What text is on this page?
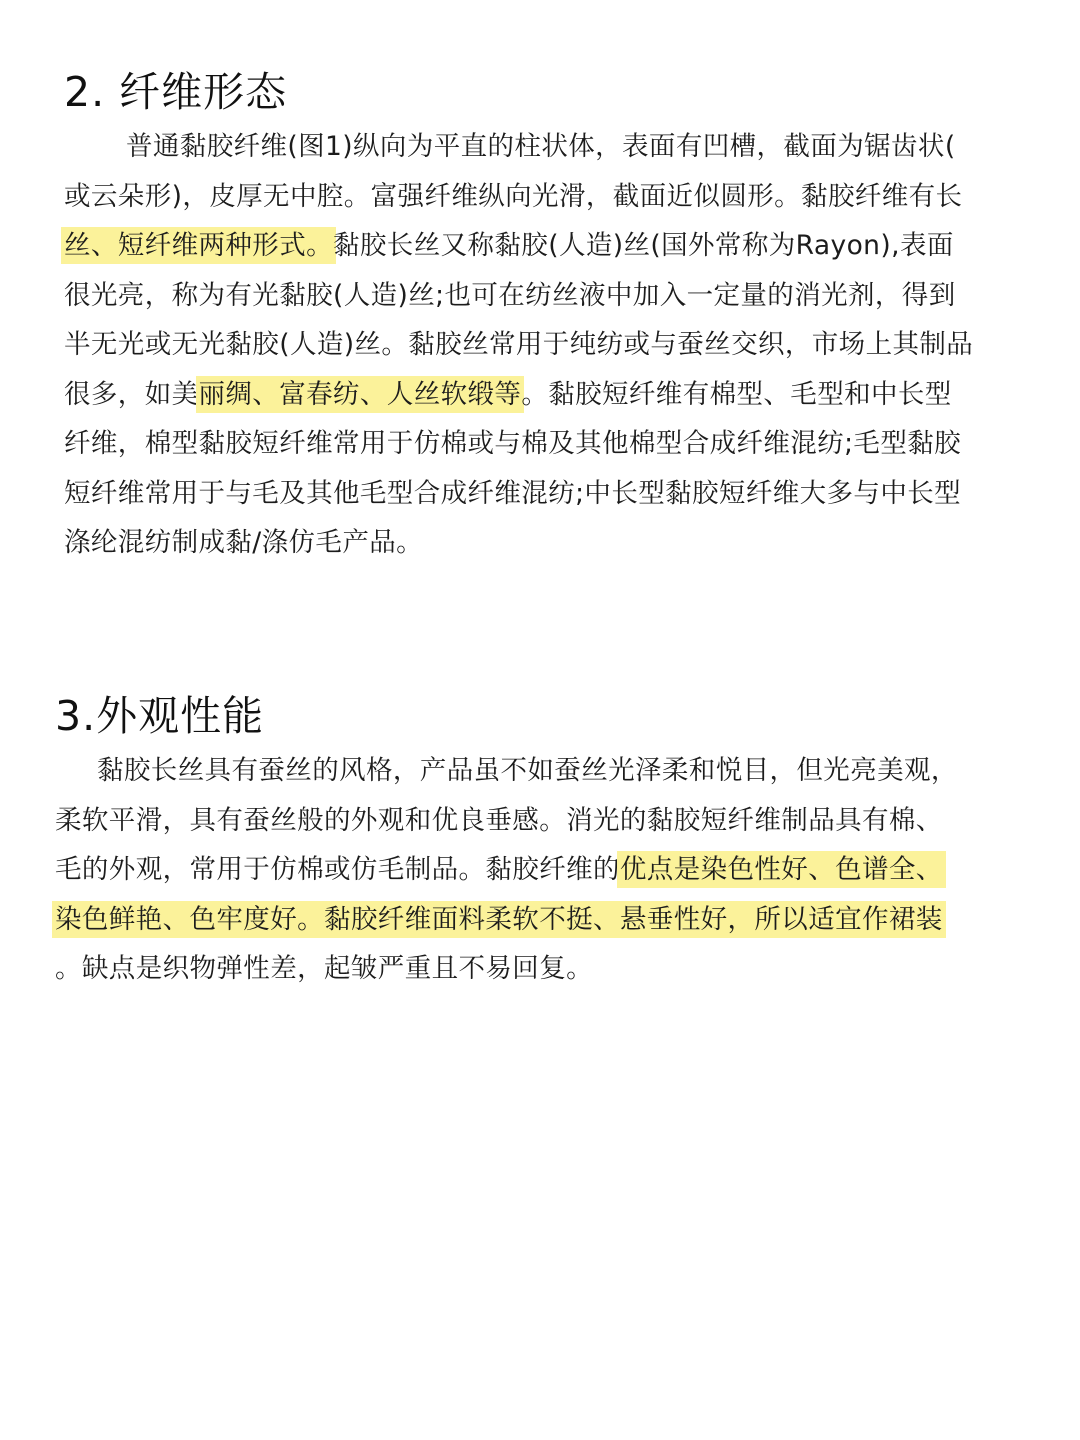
2. 纤维形态
普通黏胶纤维(图1)纵向为平直的柱状体，表面有凹槽，截面为锯齿状(
或云朵形)，皮厚无中腔。富强纤维纵向光滑，截面近似圆形。黏胶纤维有长
丝、短纤维两种形式。黏胶长丝又称黏胶(人造)丝(国外常称为Rayon),表面
很光亮，称为有光黏胶(人造)丝;也可在纺丝液中加入一定量的消光剂，得到
半无光或无光黏胶(人造)丝。黏胶丝常用于纯纺或与蚕丝交织，市场上其制品
很多，如美丽绸、富春纺、人丝软缎等。黏胶短纤维有棉型、毛型和中长型
纤维，棉型黏胶短纤维常用于仿棉或与棉及其他棉型合成纤维混纺;毛型黏胶
短纤维常用于与毛及其他毛型合成纤维混纺;中长型黏胶短纤维大多与中长型
涤纶混纺制成黏/涤仿毛产品。
3.外观性能
黏胶长丝具有蚕丝的风格，产品虽不如蚕丝光泽柔和悦目，但光亮美观，
柔软平滑，具有蚕丝般的外观和优良垂感。消光的黏胶短纤维制品具有棉、
毛的外观，常用于仿棉或仿毛制品。黏胶纤维的优点是染色性好、色谱全、
染色鲜艳、色牢度好。黏胶纤维面料柔软不挺、悬垂性好，所以适宜作裙装
。缺点是织物弹性差，起皱严重且不易回复。
